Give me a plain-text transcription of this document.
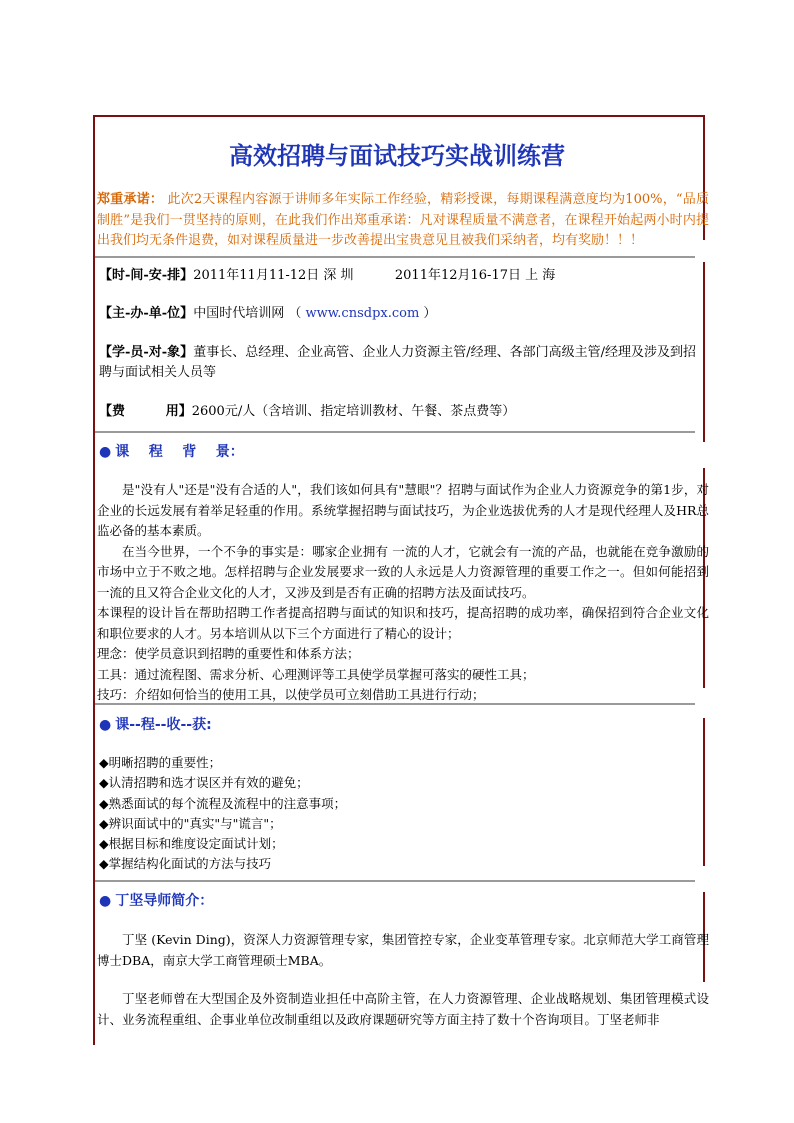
高效招聘与面试技巧实战训练营

郑重承诺： 此次2天课程内容源于讲师多年实际工作经验，精彩授课，每期课程满意度均为100%，“品质制胜”是我们一贯坚持的原则，在此我们作出郑重承诺：凡对课程质量不满意者，在课程开始起两小时内提出我们均无条件退费，如对课程质量进一步改善提出宝贵意见且被我们采纳者，均有奖励！！！

【时-间-安-排】2011年11月11-12日 深 圳          2011年12月16-17日 上 海

【主-办-单-位】中国时代培训网 （ www.cnsdpx.com ）

【学-员-对-象】董事长、总经理、企业高管、企业人力资源主管/经理、各部门高级主管/经理及涉及到招聘与面试相关人员等

【费         用】2600元/人（含培训、指定培训教材、午餐、茶点费等）

● 课    程    背    景：

是"没有人"还是"没有合适的人"，我们该如何具有"慧眼"？招聘与面试作为企业人力资源竞争的第1步，对企业的长远发展有着举足轻重的作用。系统掌握招聘与面试技巧，为企业选拔优秀的人才是现代经理人及HR总监必备的基本素质。

在当今世界，一个不争的事实是：哪家企业拥有 一流的人才，它就会有一流的产品，也就能在竞争激励的市场中立于不败之地。怎样招聘与企业发展要求一致的人永远是人力资源管理的重要工作之一。但如何能招到一流的且又符合企业文化的人才，又涉及到是否有正确的招聘方法及面试技巧。

本课程的设计旨在帮助招聘工作者提高招聘与面试的知识和技巧，提高招聘的成功率，确保招到符合企业文化和职位要求的人才。另本培训从以下三个方面进行了精心的设计；

理念：使学员意识到招聘的重要性和体系方法；

工具：通过流程图、需求分析、心理测评等工具使学员掌握可落实的硬性工具；

技巧：介绍如何恰当的使用工具，以使学员可立刻借助工具进行行动；

● 课--程--收--获:

◆明晰招聘的重要性；
◆认清招聘和选才误区并有效的避免；
◆熟悉面试的每个流程及流程中的注意事项；
◆辨识面试中的"真实"与"谎言"；
◆根据目标和维度设定面试计划；
◆掌握结构化面试的方法与技巧

● 丁坚导师简介：

丁坚 (Kevin Ding)，资深人力资源管理专家，集团管控专家，企业变革管理专家。北京师范大学工商管理博士DBA，南京大学工商管理硕士MBA。

丁坚老师曾在大型国企及外资制造业担任中高阶主管，在人力资源管理、企业战略规划、集团管理模式设计、业务流程重组、企事业单位改制重组以及政府课题研究等方面主持了数十个咨询项目。丁坚老师非
